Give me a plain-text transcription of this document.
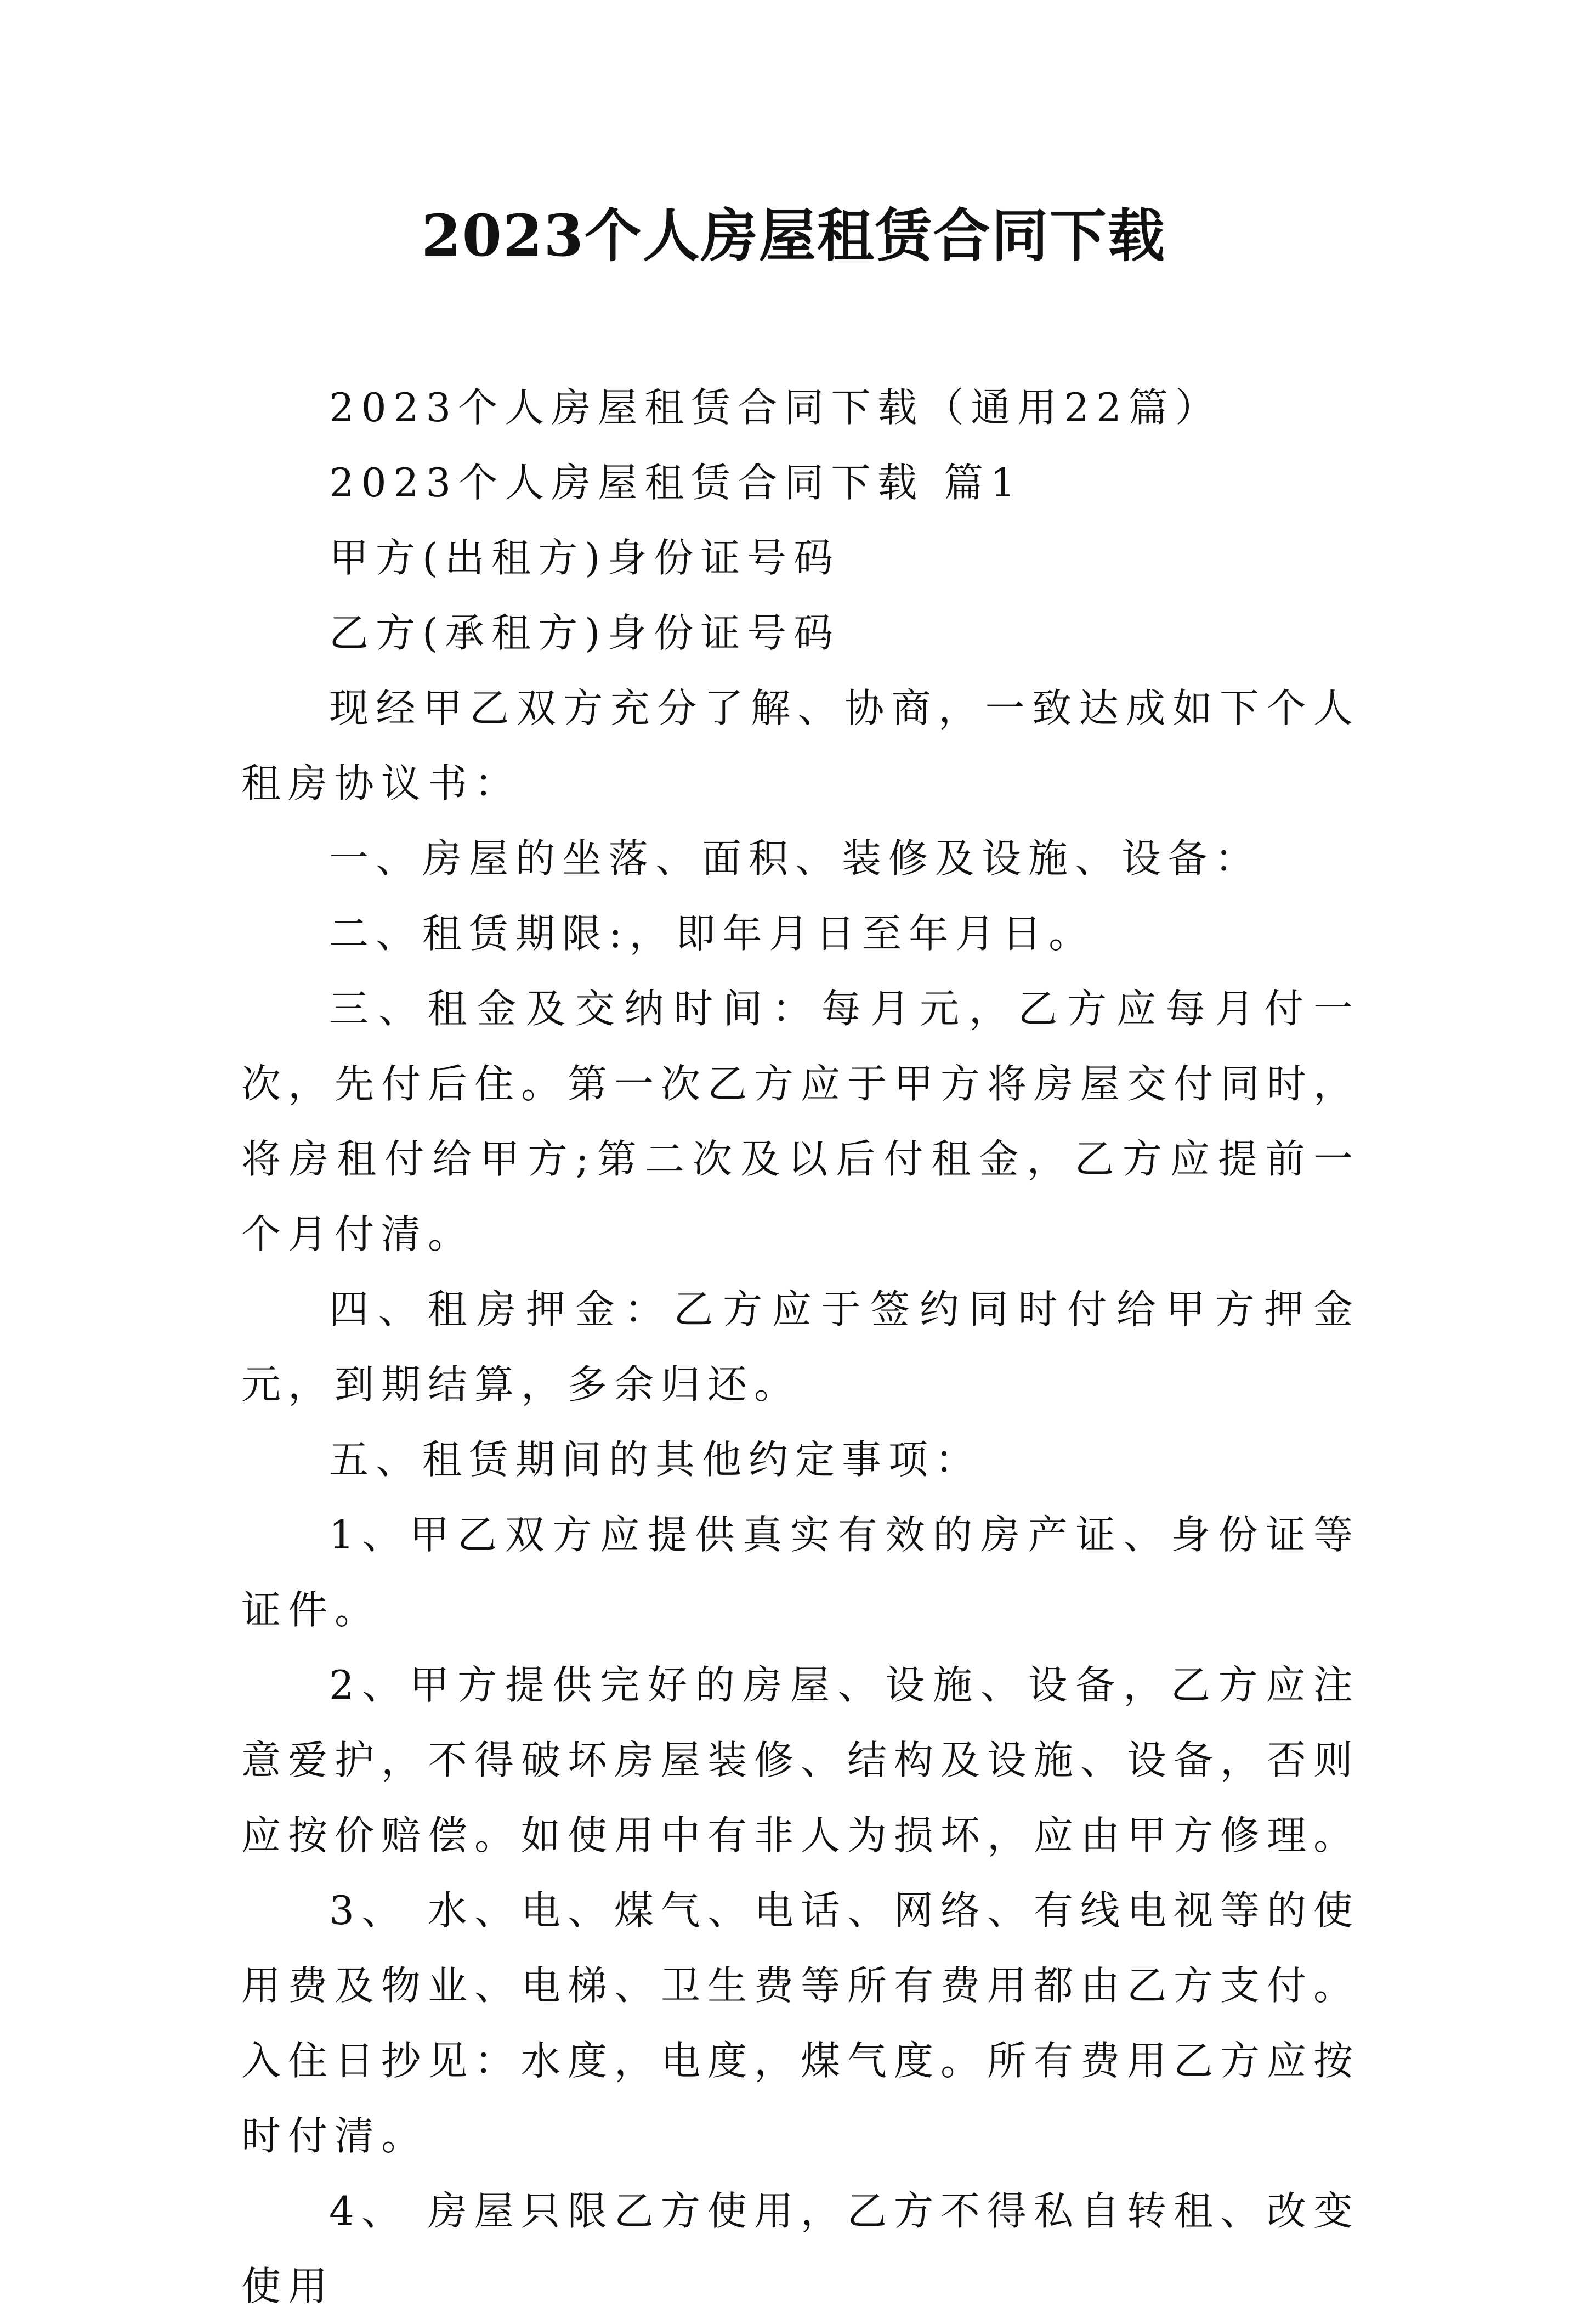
2023个人房屋租赁合同下载

2023个人房屋租赁合同下载（通用22篇）

2023个人房屋租赁合同下载 篇1

甲方(出租方)身份证号码

乙方(承租方)身份证号码

现经甲乙双方充分了解、协商，一致达成如下个人租房协议书：

一、房屋的坐落、面积、装修及设施、设备：

二、租赁期限:，即年月日至年月日。

三、租金及交纳时间：每月元，乙方应每月付一次，先付后住。第一次乙方应于甲方将房屋交付同时，将房租付给甲方;第二次及以后付租金，乙方应提前一个月付清。

四、租房押金：乙方应于签约同时付给甲方押金元，到期结算，多余归还。

五、租赁期间的其他约定事项：

1、甲乙双方应提供真实有效的房产证、身份证等证件。

2、甲方提供完好的房屋、设施、设备，乙方应注意爱护，不得破坏房屋装修、结构及设施、设备，否则应按价赔偿。如使用中有非人为损坏，应由甲方修理。

3、 水、电、煤气、电话、网络、有线电视等的使用费及物业、电梯、卫生费等所有费用都由乙方支付。入住日抄见：水度，电度，煤气度。所有费用乙方应按时付清。

4、 房屋只限乙方使用，乙方不得私自转租、改变使用
